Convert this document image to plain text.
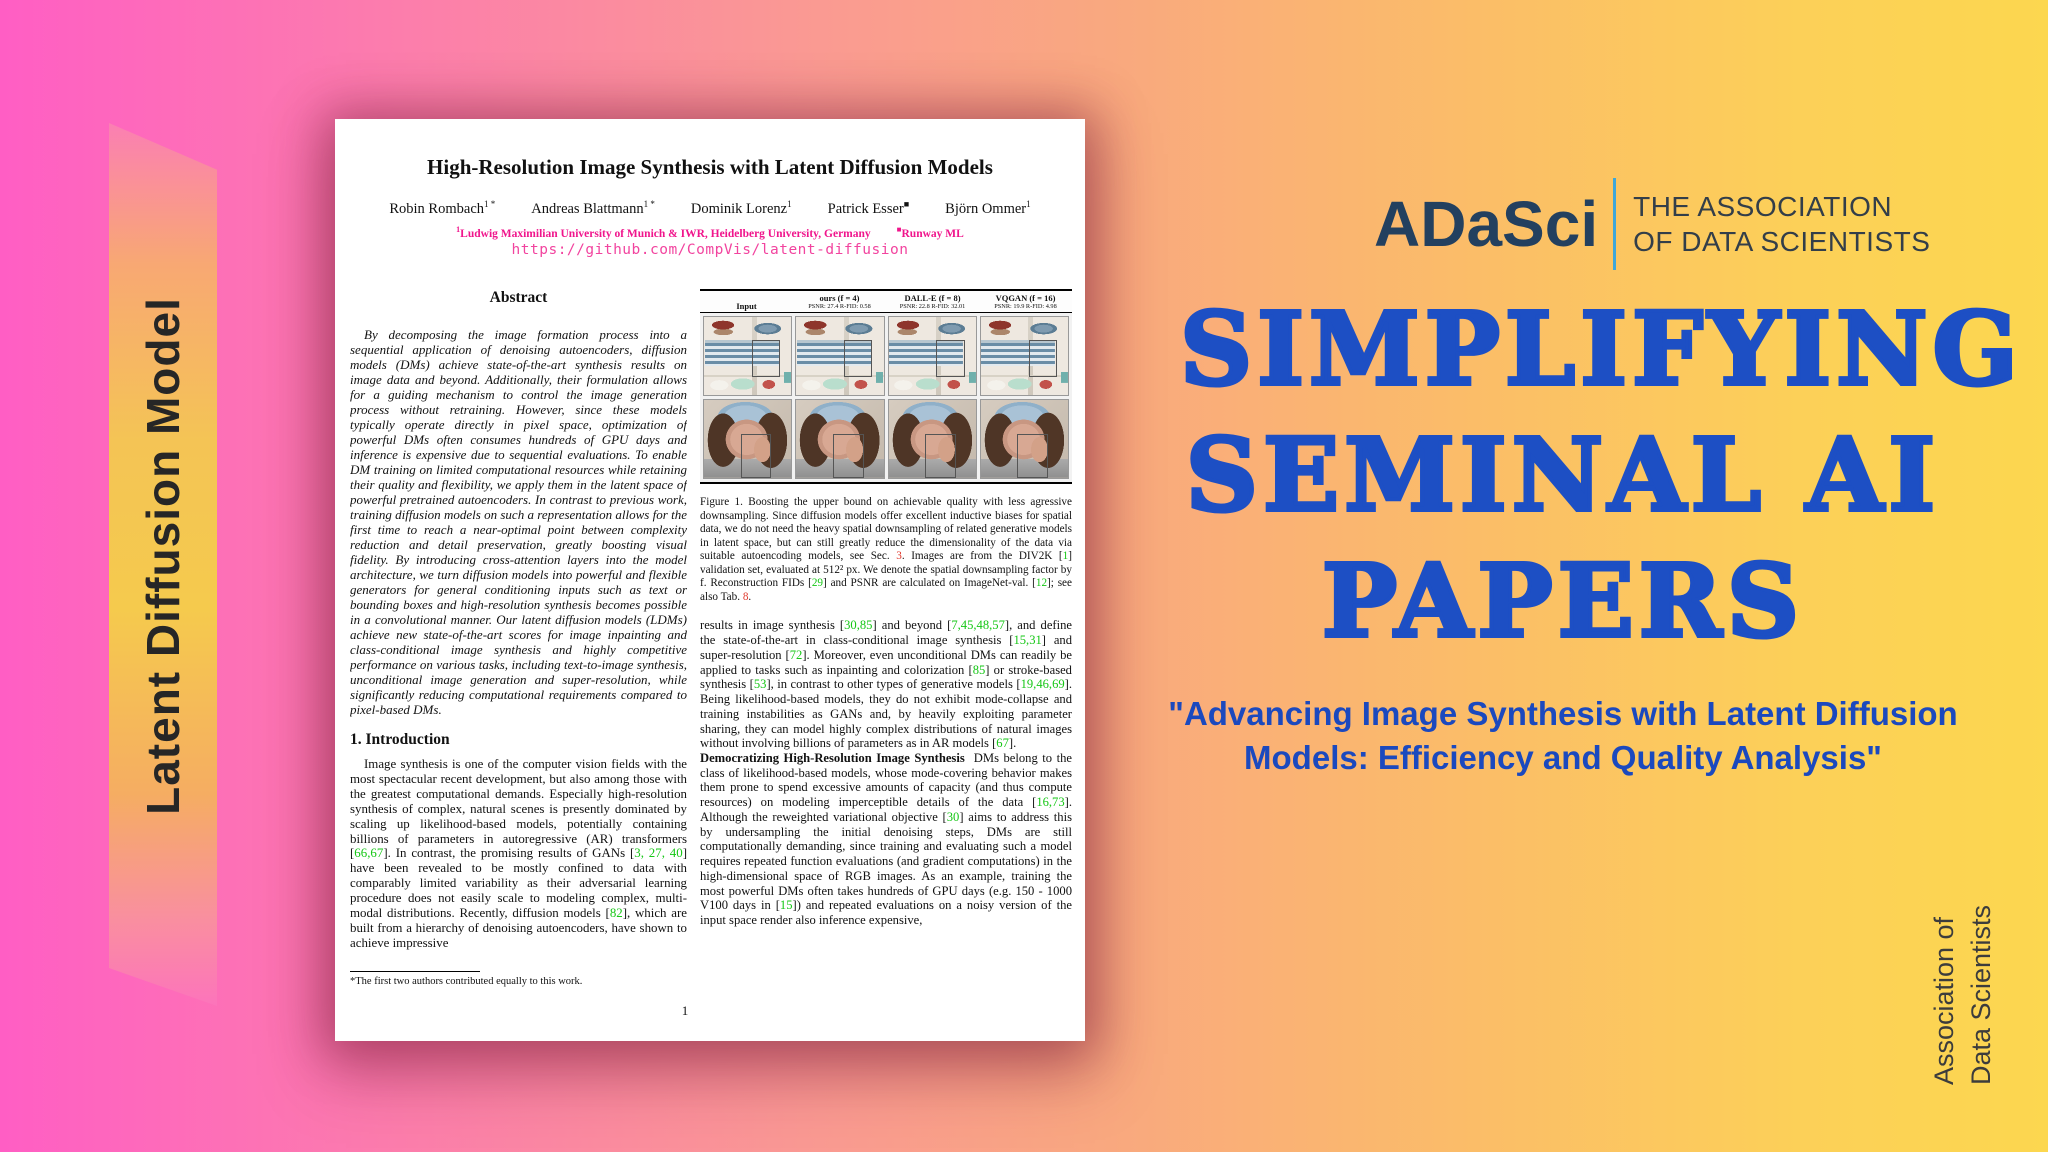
Latent Diffusion Model
High-Resolution Image Synthesis with Latent Diffusion Models
Robin Rombach$^{1 *}$ Andreas Blattmann$^{1 *}$ Dominik Lorenz$^1$ Patrick Esser■ Björn Ommer$^1$
$^1$Ludwig Maximilian University of Munich & IWR, Heidelberg University, Germany	■Runway ML
https://github.com/CompVis/latent-diffusion
Abstract

By decomposing the image formation process into a sequential application of denoising autoencoders, diffusion models (DMs) achieve state-of-the-art synthesis results on image data and beyond. Additionally, their formulation allows for a guiding mechanism to control the image generation process without retraining. However, since these models typically operate directly in pixel space, optimization of powerful DMs often consumes hundreds of GPU days and inference is expensive due to sequential evaluations. To enable DM training on limited computational resources while retaining their quality and flexibility, we apply them in the latent space of powerful pretrained autoencoders. In contrast to previous work, training diffusion models on such a representation allows for the first time to reach a near-optimal point between complexity reduction and detail preservation, greatly boosting visual fidelity. By introducing cross-attention layers into the model architecture, we turn diffusion models into powerful and flexible generators for general conditioning inputs such as text or bounding boxes and high-resolution synthesis becomes possible in a convolutional manner. Our latent diffusion models (LDMs) achieve new state-of-the-art scores for image inpainting and class-conditional image synthesis and highly competitive performance on various tasks, including text-to-image synthesis, unconditional image generation and super-resolution, while significantly reducing computational requirements compared to pixel-based DMs.

1. Introduction

Image synthesis is one of the computer vision fields with the most spectacular recent development, but also among those with the greatest computational demands. Especially high-resolution synthesis of complex, natural scenes is presently dominated by scaling up likelihood-based models, potentially containing billions of parameters in autoregressive (AR) transformers [66,67]. In contrast, the promising results of GANs [3, 27, 40] have been revealed to be mostly confined to data with comparably limited variability as their adversarial learning procedure does not easily scale to modeling complex, multi-modal distributions. Recently, diffusion models [82], which are built from a hierarchy of denoising autoencoders, have shown to achieve impressive

*The first two authors contributed equally to this work.
1
Input
ours (f = 4)
PSNR: 27.4 R-FID: 0.58
DALL-E (f = 8)
PSNR: 22.8 R-FID: 32.01
VQGAN (f = 16)
PSNR: 19.9 R-FID: 4.98

Figure 1. Boosting the upper bound on achievable quality with less agressive downsampling. Since diffusion models offer excellent inductive biases for spatial data, we do not need the heavy spatial downsampling of related generative models in latent space, but can still greatly reduce the dimensionality of the data via suitable autoencoding models, see Sec. 3. Images are from the DIV2K [1] validation set, evaluated at 512² px. We denote the spatial downsampling factor by f. Reconstruction FIDs [29] and PSNR are calculated on ImageNet-val. [12]; see also Tab. 8.

results in image synthesis [30,85] and beyond [7,45,48,57], and define the state-of-the-art in class-conditional image synthesis [15,31] and super-resolution [72]. Moreover, even unconditional DMs can readily be applied to tasks such as inpainting and colorization [85] or stroke-based synthesis [53], in contrast to other types of generative models [19,46,69]. Being likelihood-based models, they do not exhibit mode-collapse and training instabilities as GANs and, by heavily exploiting parameter sharing, they can model highly complex distributions of natural images without involving billions of parameters as in AR models [67].

Democratizing High-Resolution Image Synthesis DMs belong to the class of likelihood-based models, whose mode-covering behavior makes them prone to spend excessive amounts of capacity (and thus compute resources) on modeling imperceptible details of the data [16,73]. Although the reweighted variational objective [30] aims to address this by undersampling the initial denoising steps, DMs are still computationally demanding, since training and evaluating such a model requires repeated function evaluations (and gradient computations) in the high-dimensional space of RGB images. As an example, training the most powerful DMs often takes hundreds of GPU days (e.g. 150 - 1000 V100 days in [15]) and repeated evaluations on a noisy version of the input space render also inference expensive,

ADaSci THE ASSOCIATION
OF DATA SCIENTISTS
SIMPLIFYING
SEMINAL AI
PAPERS
"Advancing Image Synthesis with Latent Diffusion
Models: Efficiency and Quality Analysis"
Association of Data Scientists
